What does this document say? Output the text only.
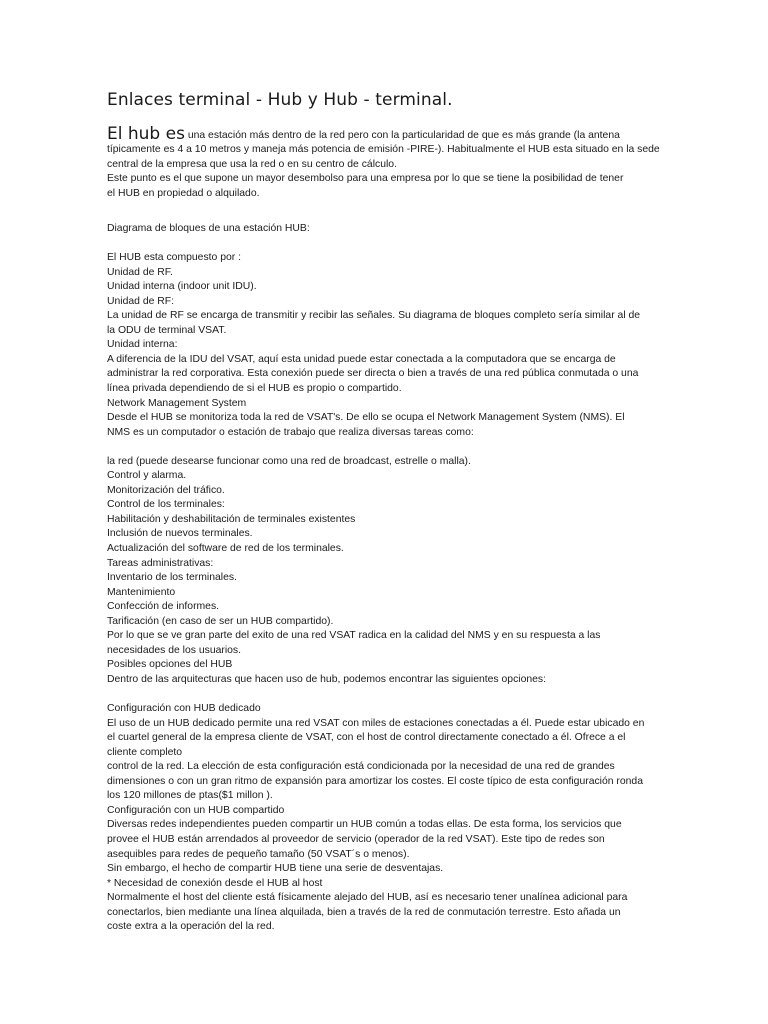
Enlaces terminal - Hub y Hub - terminal.
El hub es una estación más dentro de la red pero con la particularidad de que es más grande (la antena típicamente es 4 a 10 metros y maneja más potencia de emisión -PIRE-). Habitualmente el HUB esta situado en la sede central de la empresa que usa la red o en su centro de cálculo.
Este punto es el que supone un mayor desembolso para una empresa por lo que se tiene la posibilidad de tener
el HUB en propiedad o alquilado.
Diagrama de bloques de una estación HUB:

El HUB esta compuesto por :
Unidad de RF.
Unidad interna (indoor unit IDU).
Unidad de RF:
La unidad de RF se encarga de transmitir y recibir las señales. Su diagrama de bloques completo sería similar al de
la ODU de terminal VSAT.
Unidad interna:
A diferencia de la IDU del VSAT, aquí esta unidad puede estar conectada a la computadora que se encarga de
administrar la red corporativa. Esta conexión puede ser directa o bien a través de una red pública conmutada o una
línea privada dependiendo de si el HUB es propio o compartido.
Network Management System
Desde el HUB se monitoriza toda la red de VSAT's. De ello se ocupa el Network Management System (NMS). El
NMS es un computador o estación de trabajo que realiza diversas tareas como:

la red (puede desearse funcionar como una red de broadcast, estrelle o malla).
Control y alarma.
Monitorización del tráfico.
Control de los terminales:
Habilitación y deshabilitación de terminales existentes
Inclusión de nuevos terminales.
Actualización del software de red de los terminales.
Tareas administrativas:
Inventario de los terminales.
Mantenimiento
Confección de informes.
Tarificación (en caso de ser un HUB compartido).
Por lo que se ve gran parte del exito de una red VSAT radica en la calidad del NMS y en su respuesta a las
necesidades de los usuarios.
Posibles opciones del HUB
Dentro de las arquitecturas que hacen uso de hub, podemos encontrar las siguientes opciones:

Configuración con HUB dedicado
El uso de un HUB dedicado permite una red VSAT con miles de estaciones conectadas a él. Puede estar ubicado en
el cuartel general de la empresa cliente de VSAT, con el host de control directamente conectado a él. Ofrece a el
cliente completo
control de la red. La elección de esta configuración está condicionada por la necesidad de una red de grandes
dimensiones o con un gran ritmo de expansión para amortizar los costes. El coste típico de esta configuración ronda
los 120 millones de ptas($1 millon ).
Configuración con un HUB compartido
Diversas redes independientes pueden compartir un HUB común a todas ellas. De esta forma, los servicios que
provee el HUB están arrendados al proveedor de servicio (operador de la red VSAT). Este tipo de redes son
asequibles para redes de pequeño tamaño (50 VSAT´s o menos).
Sin embargo, el hecho de compartir HUB tiene una serie de desventajas.
* Necesidad de conexión desde el HUB al host
Normalmente el host del cliente está físicamente alejado del HUB, así es necesario tener unalínea adicional para
conectarlos, bien mediante una línea alquilada, bien a través de la red de conmutación terrestre. Esto añada un
coste extra a la operación del la red.
